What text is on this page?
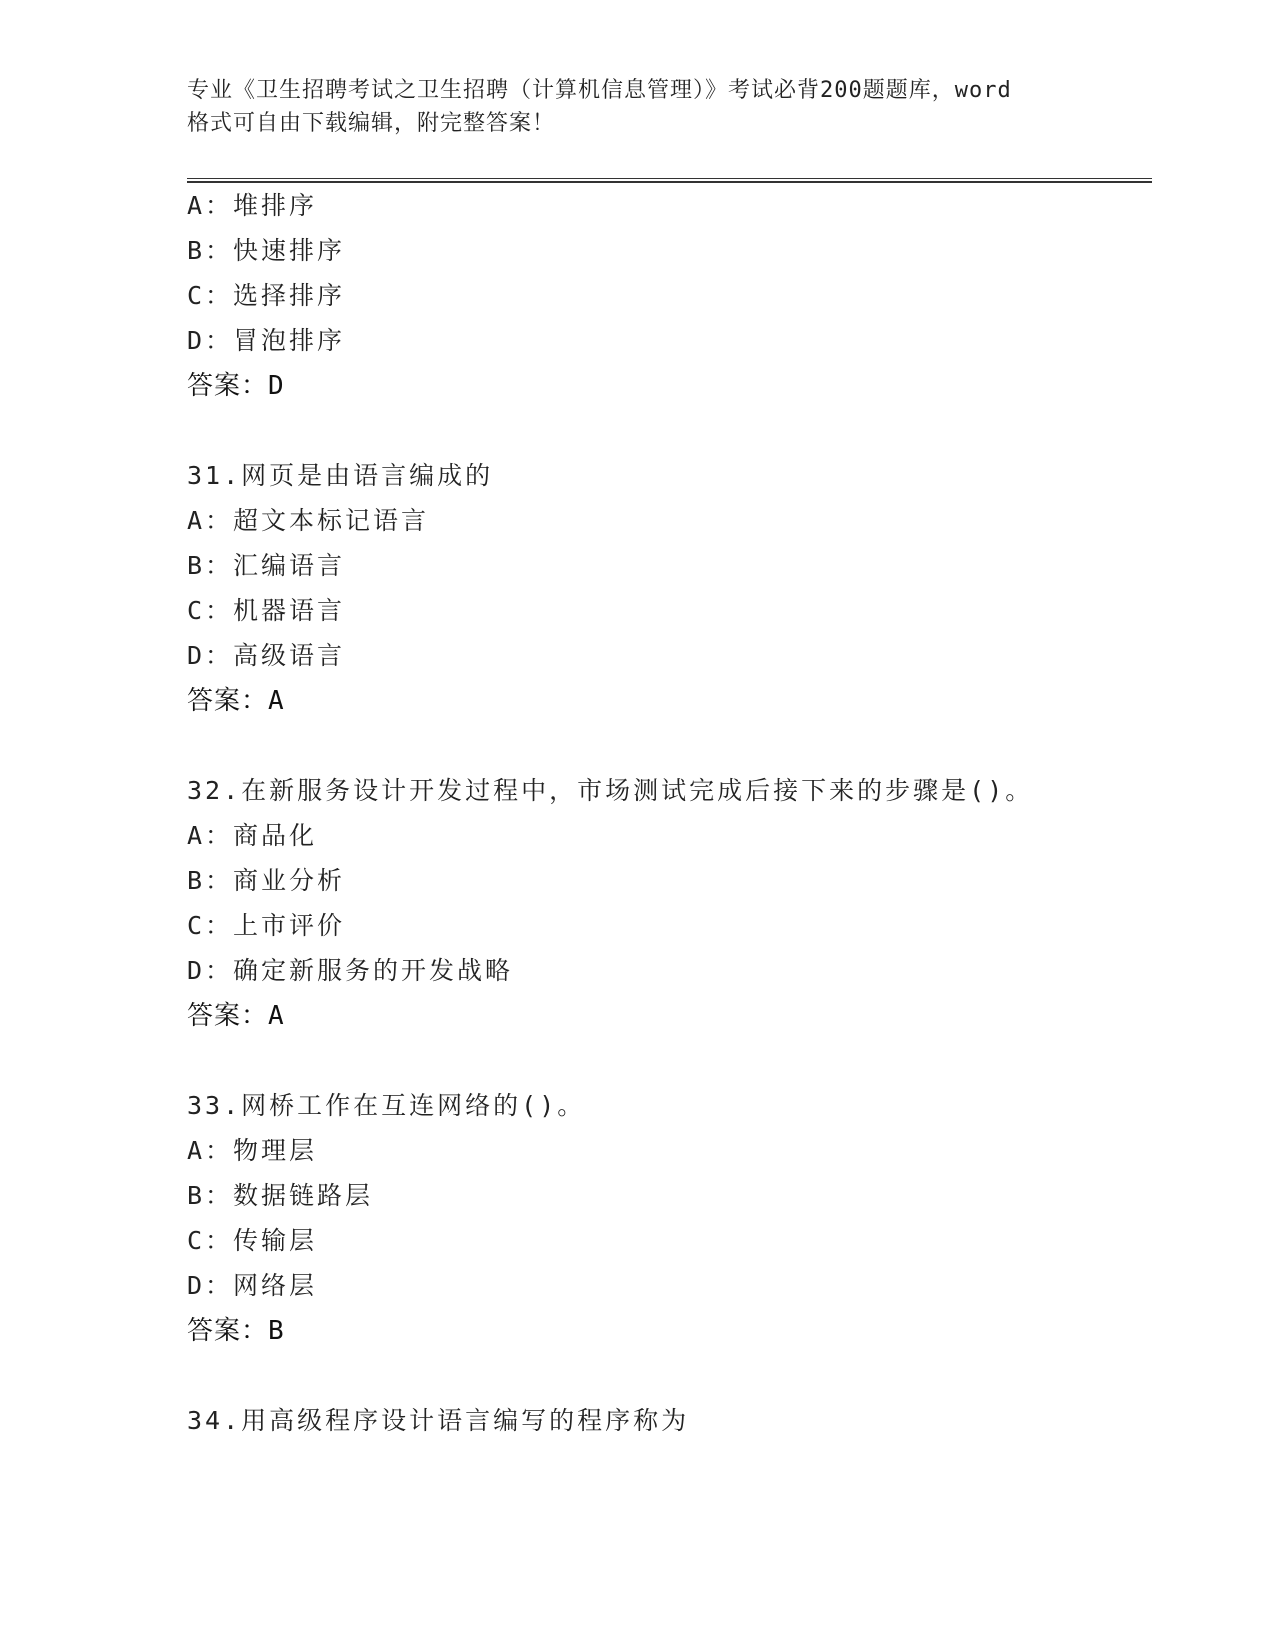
专业《卫生招聘考试之卫生招聘（计算机信息管理）》考试必背200题题库，word
格式可自由下载编辑，附完整答案！
A：堆排序
B：快速排序
C：选择排序
D：冒泡排序
答案：D
31.网页是由语言编成的
A：超文本标记语言
B：汇编语言
C：机器语言
D：高级语言
答案：A
32.在新服务设计开发过程中，市场测试完成后接下来的步骤是()。
A：商品化
B：商业分析
C：上市评价
D：确定新服务的开发战略
答案：A
33.网桥工作在互连网络的()。
A：物理层
B：数据链路层
C：传输层
D：网络层
答案：B
34.用高级程序设计语言编写的程序称为
